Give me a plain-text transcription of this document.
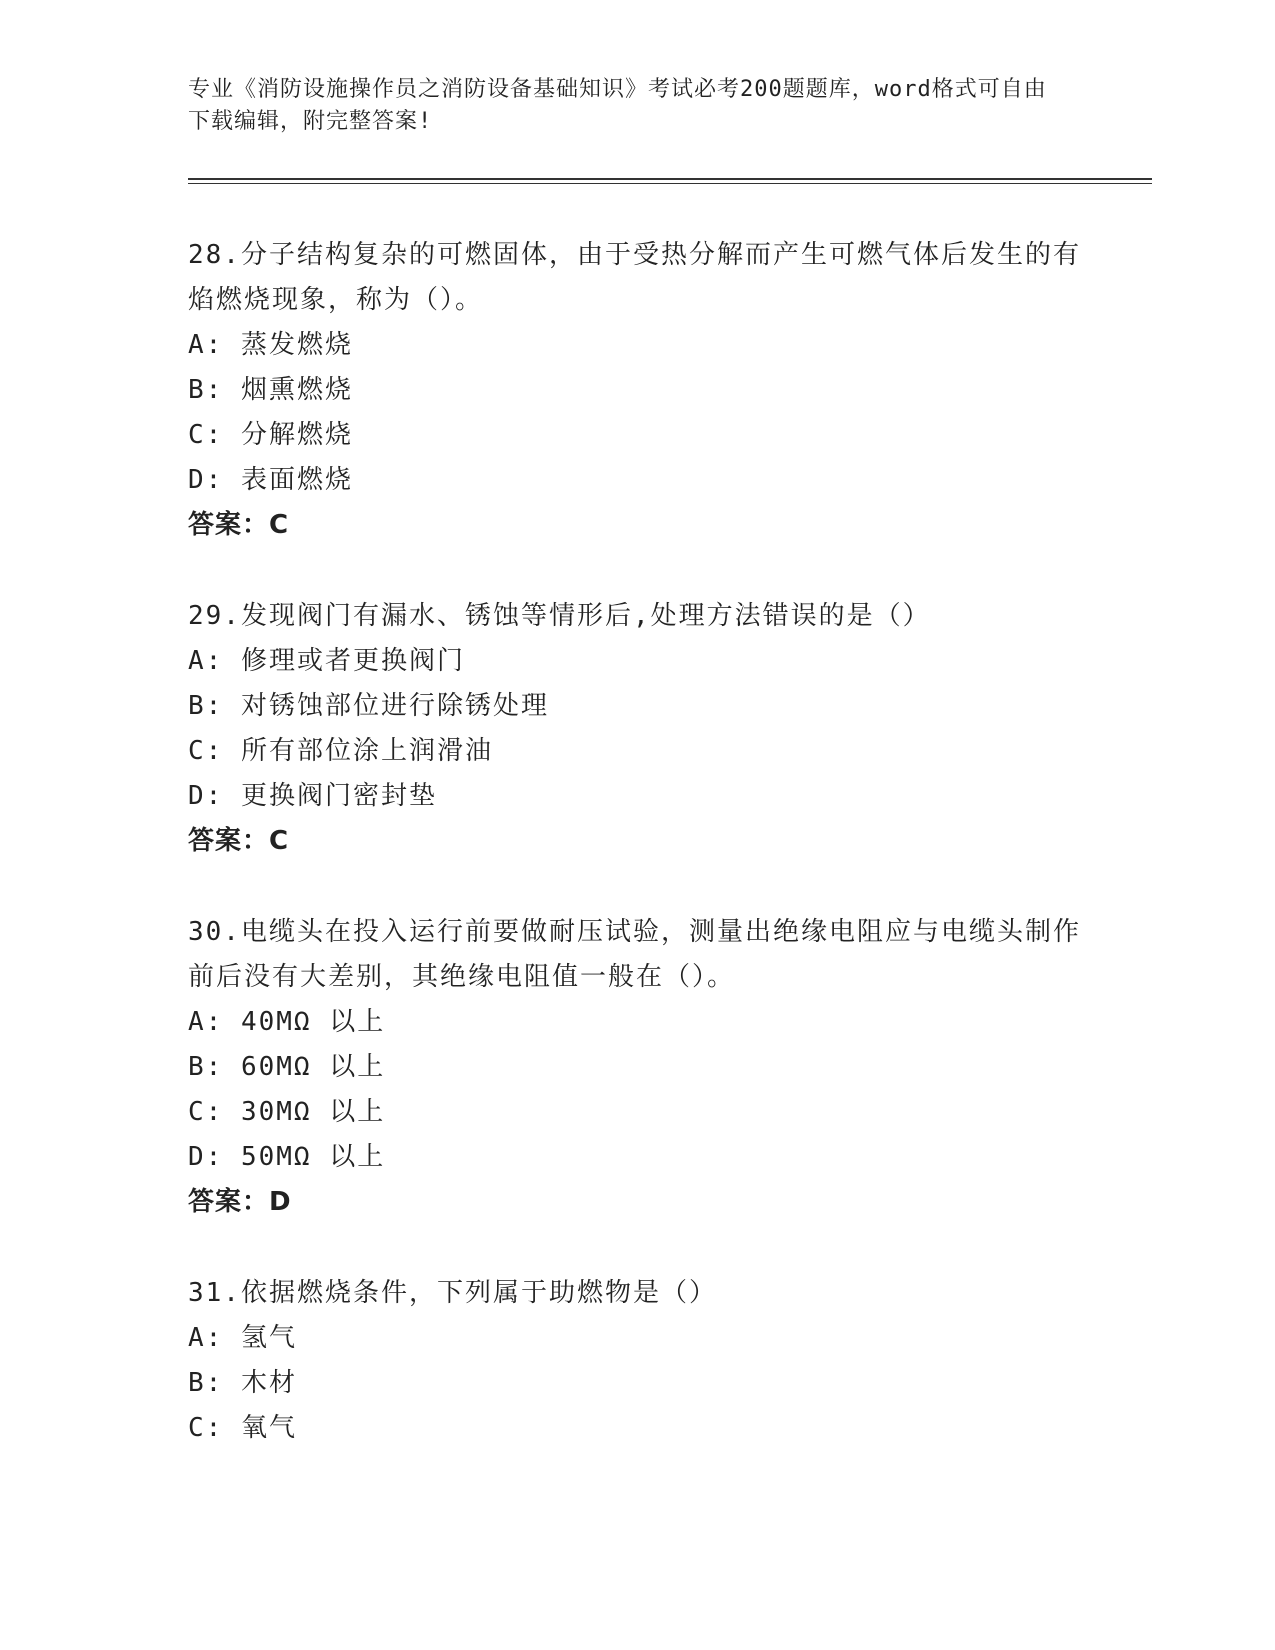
专业《消防设施操作员之消防设备基础知识》考试必考200题题库，word格式可自由下载编辑，附完整答案!
28.分子结构复杂的可燃固体，由于受热分解而产生可燃气体后发生的有焰燃烧现象，称为（）。
A: 蒸发燃烧
B: 烟熏燃烧
C: 分解燃烧
D: 表面燃烧
答案：C
29.发现阀门有漏水、锈蚀等情形后,处理方法错误的是（）
A: 修理或者更换阀门
B: 对锈蚀部位进行除锈处理
C: 所有部位涂上润滑油
D: 更换阀门密封垫
答案：C
30.电缆头在投入运行前要做耐压试验，测量出绝缘电阻应与电缆头制作前后没有大差别，其绝缘电阻值一般在（）。
A: 40MΩ 以上
B: 60MΩ 以上
C: 30MΩ 以上
D: 50MΩ 以上
答案：D
31.依据燃烧条件，下列属于助燃物是（）
A: 氢气
B: 木材
C: 氧气
